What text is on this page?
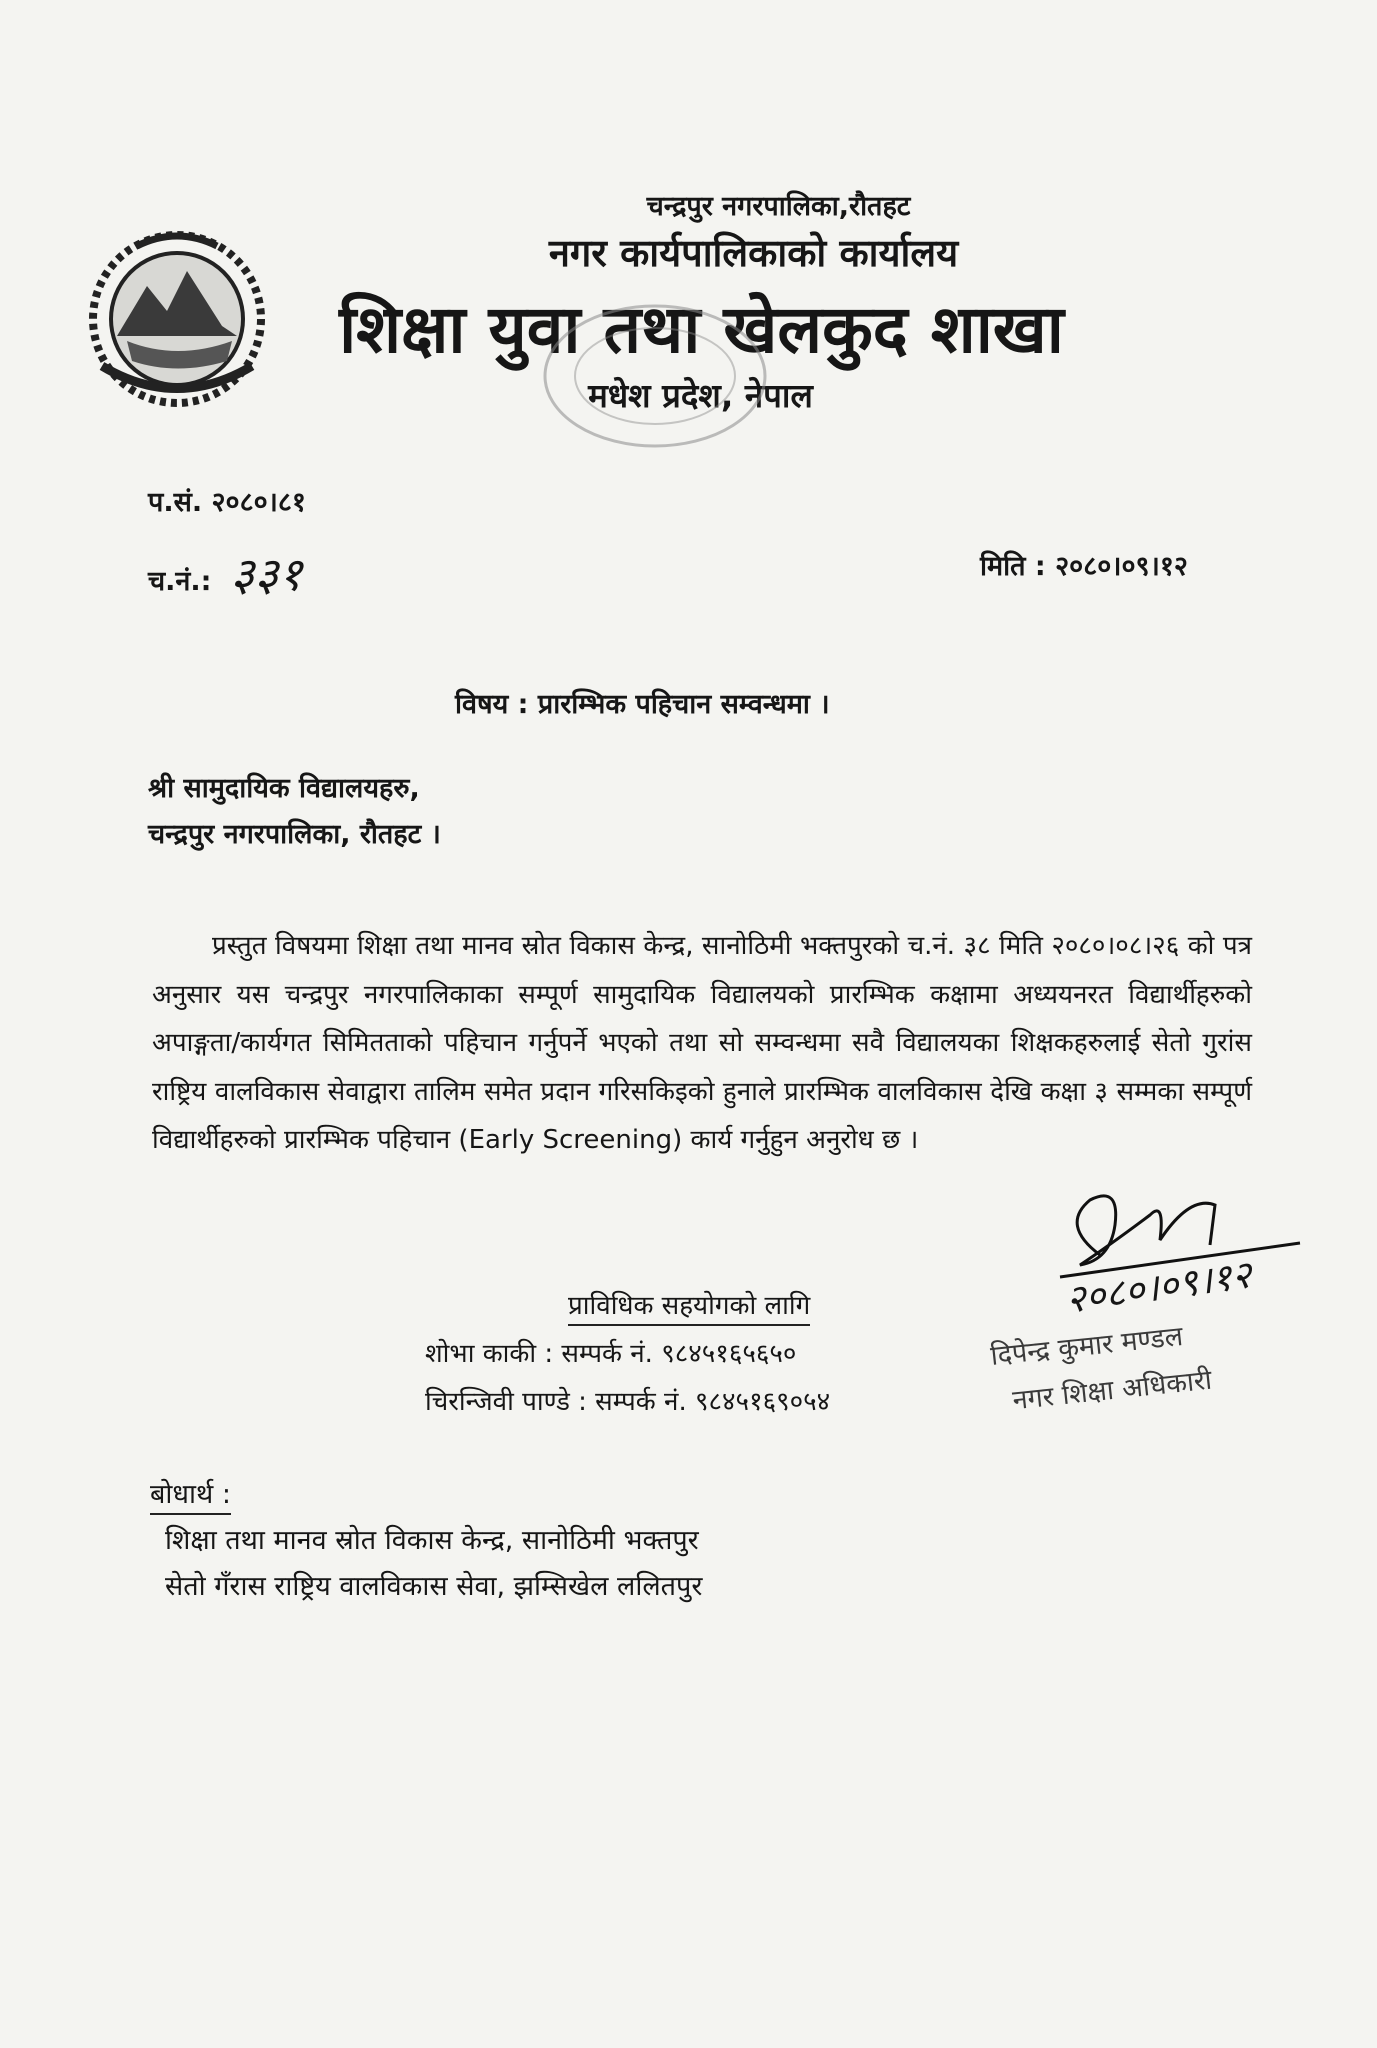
चन्द्रपुर नगरपालिका,रौतहट
नगर कार्यपालिकाको कार्यालय
शिक्षा युवा तथा खेलकुद शाखा
मधेश प्रदेश, नेपाल
प.सं. २०८०।८१
च.नं.: ३३१	मिति : २०८०।०९।१२
विषय : प्रारम्भिक पहिचान सम्वन्धमा ।
श्री सामुदायिक विद्यालयहरु,
चन्द्रपुर नगरपालिका, रौतहट ।
प्रस्तुत विषयमा शिक्षा तथा मानव स्रोत विकास केन्द्र, सानोठिमी भक्तपुरको च.नं. ३८ मिति २०८०।०८।२६ को पत्र अनुसार यस चन्द्रपुर नगरपालिकाका सम्पूर्ण सामुदायिक विद्यालयको प्रारम्भिक कक्षामा अध्ययनरत विद्यार्थीहरुको अपाङ्गता/कार्यगत सिमितताको पहिचान गर्नुपर्ने भएको तथा सो सम्वन्धमा सवै विद्यालयका शिक्षकहरुलाई सेतो गुरांस राष्ट्रिय वालविकास सेवाद्वारा तालिम समेत प्रदान गरिसकिइको हुनाले प्रारम्भिक वालविकास देखि कक्षा ३ सम्मका सम्पूर्ण विद्यार्थीहरुको प्रारम्भिक पहिचान (Early Screening) कार्य गर्नुहुन अनुरोध छ ।
प्राविधिक सहयोगको लागि
शोभा काकी : सम्पर्क नं. ९८४५१६५६५०
चिरन्जिवी पाण्डे : सम्पर्क नं. ९८४५१६९०५४
२०८०।०९।१२
दिपेन्द्र कुमार मण्डल
नगर शिक्षा अधिकारी
बोधार्थ :
शिक्षा तथा मानव स्रोत विकास केन्द्र, सानोठिमी भक्तपुर
सेतो गँरास राष्ट्रिय वालविकास सेवा, झम्सिखेल ललितपुर
